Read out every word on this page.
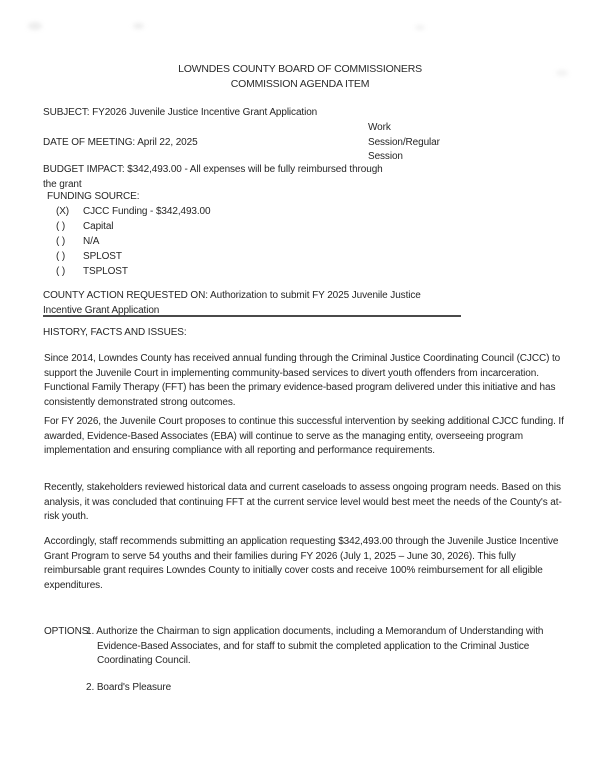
LOWNDES COUNTY BOARD OF COMMISSIONERS
COMMISSION AGENDA ITEM
SUBJECT: FY2026 Juvenile Justice Incentive Grant Application
Work
Session/Regular
Session
DATE OF MEETING: April 22, 2025
BUDGET IMPACT: $342,493.00 - All expenses will be fully reimbursed through the grant
FUNDING SOURCE:
(X)	CJCC Funding - $342,493.00
( )	Capital
( )	N/A
( )	SPLOST
( )	TSPLOST
COUNTY ACTION REQUESTED ON: Authorization to submit FY 2025 Juvenile Justice Incentive Grant Application
HISTORY, FACTS AND ISSUES:
Since 2014, Lowndes County has received annual funding through the Criminal Justice Coordinating Council (CJCC) to support the Juvenile Court in implementing community-based services to divert youth offenders from incarceration. Functional Family Therapy (FFT) has been the primary evidence-based program delivered under this initiative and has consistently demonstrated strong outcomes.
For FY 2026, the Juvenile Court proposes to continue this successful intervention by seeking additional CJCC funding. If awarded, Evidence-Based Associates (EBA) will continue to serve as the managing entity, overseeing program implementation and ensuring compliance with all reporting and performance requirements.
Recently, stakeholders reviewed historical data and current caseloads to assess ongoing program needs. Based on this analysis, it was concluded that continuing FFT at the current service level would best meet the needs of the County's at-risk youth.
Accordingly, staff recommends submitting an application requesting $342,493.00 through the Juvenile Justice Incentive Grant Program to serve 54 youths and their families during FY 2026 (July 1, 2025 – June 30, 2026). This fully reimbursable grant requires Lowndes County to initially cover costs and receive 100% reimbursement for all eligible expenditures.
OPTIONS:
1. Authorize the Chairman to sign application documents, including a Memorandum of Understanding with Evidence-Based Associates, and for staff to submit the completed application to the Criminal Justice Coordinating Council.
2. Board's Pleasure
